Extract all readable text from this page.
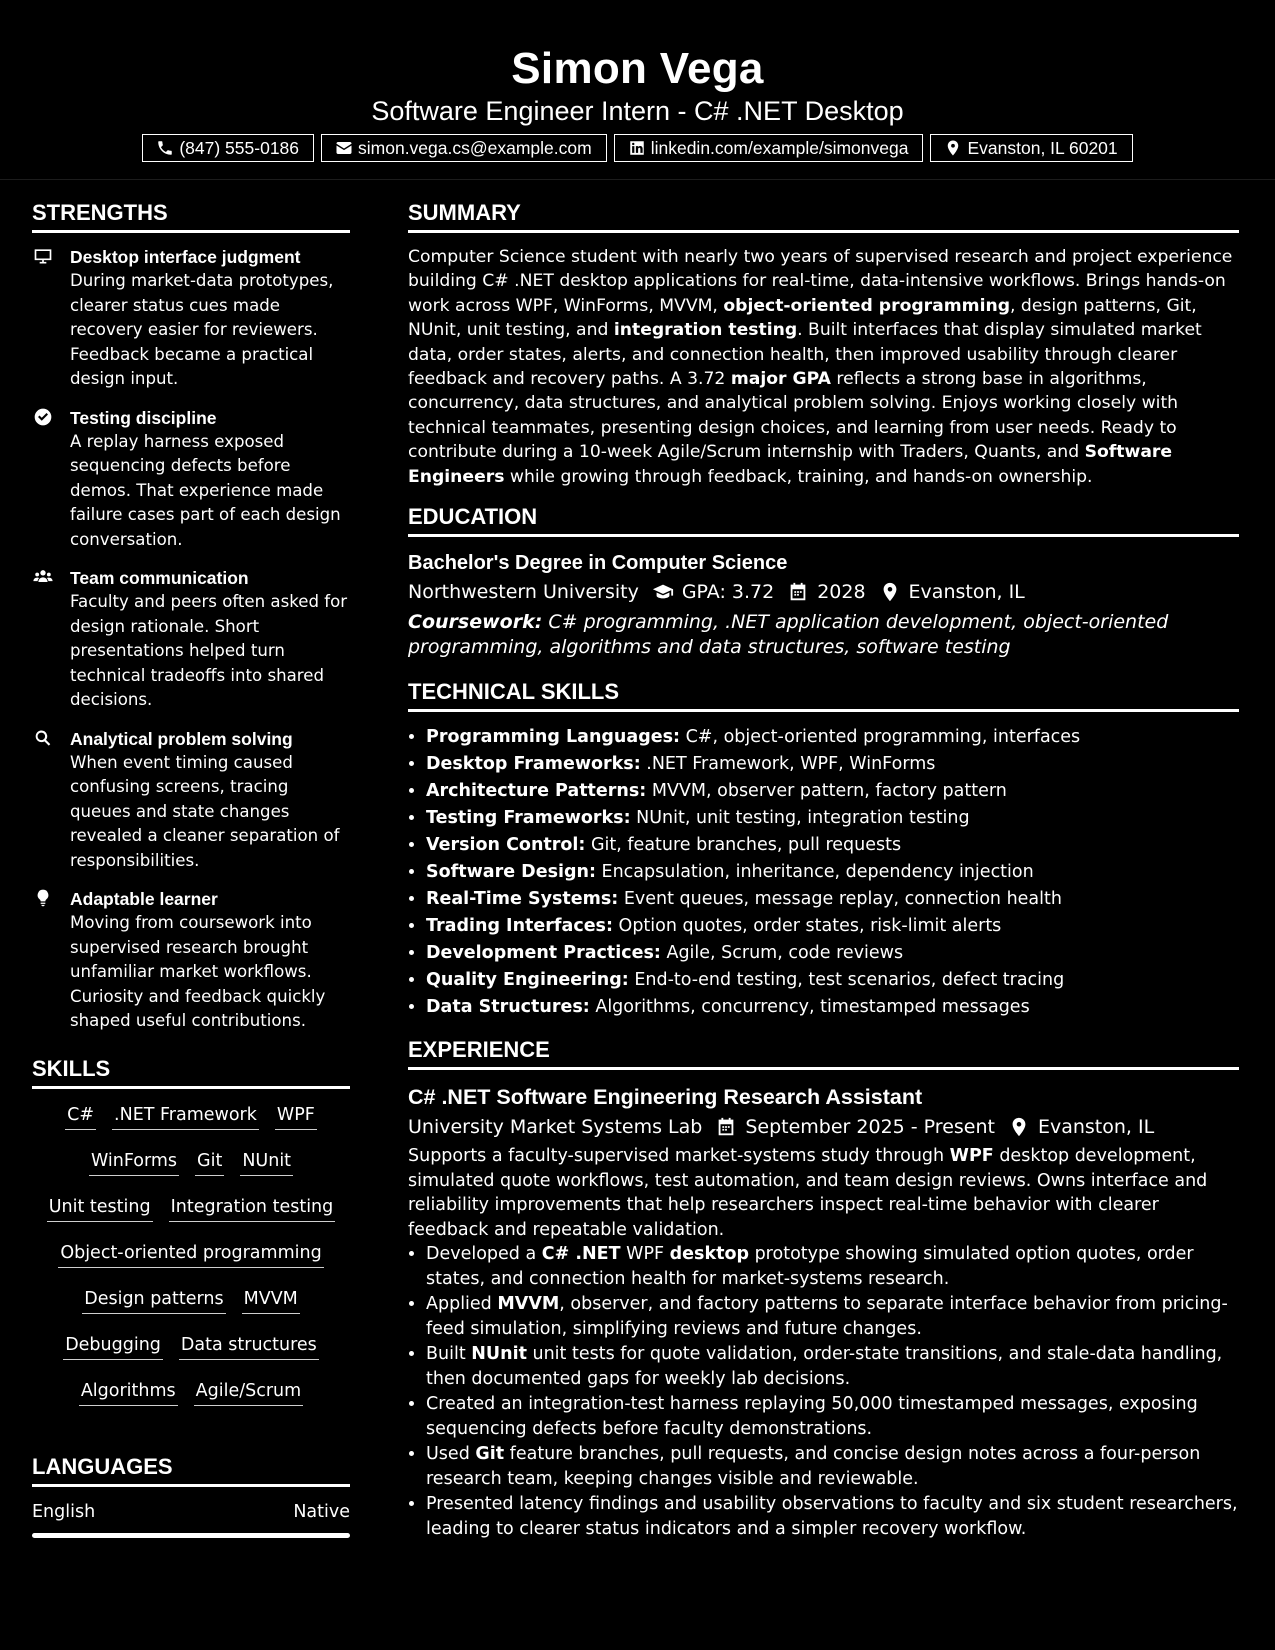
Simon Vega
Software Engineer Intern - C# .NET Desktop
(847) 555-0186	simon.vega.cs@example.com	linkedin.com/example/simonvega	Evanston, IL 60201
STRENGTHS
Desktop interface judgment

During market-data prototypes, clearer status cues made recovery easier for reviewers. Feedback became a practical design input.

Testing discipline

A replay harness exposed sequencing defects before demos. That experience made failure cases part of each design conversation.

Team communication

Faculty and peers often asked for design rationale. Short presentations helped turn technical tradeoffs into shared decisions.

Analytical problem solving

When event timing caused confusing screens, tracing queues and state changes revealed a cleaner separation of responsibilities.

Adaptable learner

Moving from coursework into supervised research brought unfamiliar market workflows. Curiosity and feedback quickly shaped useful contributions.

SKILLS
C# .NET Framework WPF
WinForms Git NUnit
Unit testing Integration testing
Object-oriented programming
Design patterns MVVM
Debugging Data structures
Algorithms Agile/Scrum
LANGUAGES
English	Native
SUMMARY

Computer Science student with nearly two years of supervised research and project experience building C# .NET desktop applications for real-time, data-intensive workflows. Brings hands-on work across WPF, WinForms, MVVM, object-oriented programming, design patterns, Git, NUnit, unit testing, and integration testing. Built interfaces that display simulated market data, order states, alerts, and connection health, then improved usability through clearer feedback and recovery paths. A 3.72 major GPA reflects a strong base in algorithms, concurrency, data structures, and analytical problem solving. Enjoys working closely with technical teammates, presenting design choices, and learning from user needs. Ready to contribute during a 10-week Agile/Scrum internship with Traders, Quants, and Software Engineers while growing through feedback, training, and hands-on ownership.

EDUCATION
Bachelor's Degree in Computer Science
Northwestern University GPA: 3.72 2028 Evanston, IL
Coursework: C# programming, .NET application development, object-oriented programming, algorithms and data structures, software testing
TECHNICAL SKILLS
• Programming Languages: C#, object-oriented programming, interfaces
• Desktop Frameworks: .NET Framework, WPF, WinForms
• Architecture Patterns: MVVM, observer pattern, factory pattern
• Testing Frameworks: NUnit, unit testing, integration testing
• Version Control: Git, feature branches, pull requests
• Software Design: Encapsulation, inheritance, dependency injection
• Real-Time Systems: Event queues, message replay, connection health
• Trading Interfaces: Option quotes, order states, risk-limit alerts
• Development Practices: Agile, Scrum, code reviews
• Quality Engineering: End-to-end testing, test scenarios, defect tracing
• Data Structures: Algorithms, concurrency, timestamped messages
EXPERIENCE
C# .NET Software Engineering Research Assistant
University Market Systems Lab September 2025 - Present Evanston, IL

Supports a faculty-supervised market-systems study through WPF desktop development, simulated quote workflows, test automation, and team design reviews. Owns interface and reliability improvements that help researchers inspect real-time behavior with clearer feedback and repeatable validation.

• Developed a C# .NET WPF desktop prototype showing simulated option quotes, order states, and connection health for market-systems research.
• Applied MVVM, observer, and factory patterns to separate interface behavior from pricing-feed simulation, simplifying reviews and future changes.
• Built NUnit unit tests for quote validation, order-state transitions, and stale-data handling, then documented gaps for weekly lab decisions.
• Created an integration-test harness replaying 50,000 timestamped messages, exposing sequencing defects before faculty demonstrations.
• Used Git feature branches, pull requests, and concise design notes across a four-person research team, keeping changes visible and reviewable.
• Presented latency findings and usability observations to faculty and six student researchers, leading to clearer status indicators and a simpler recovery workflow.
